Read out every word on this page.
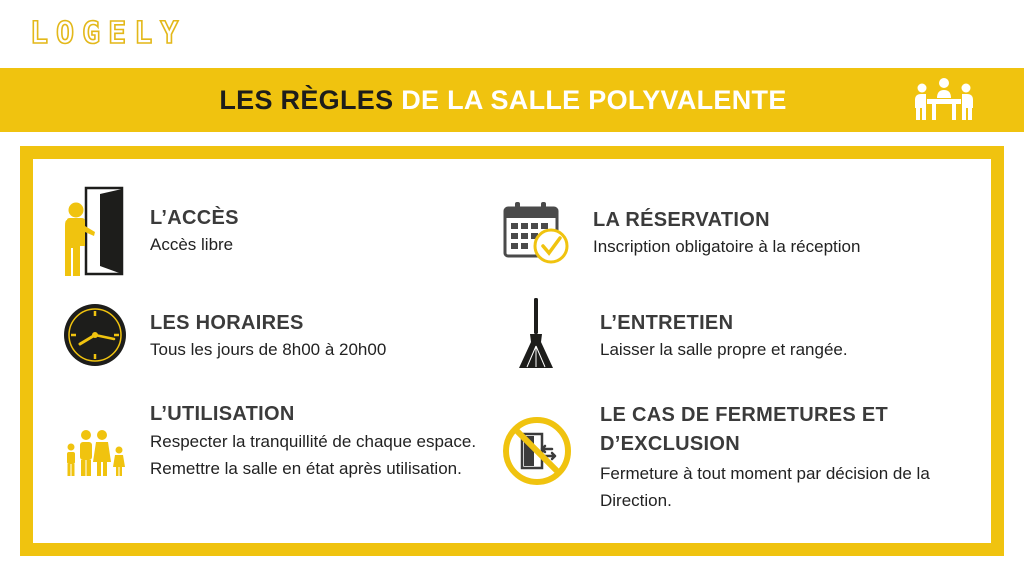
LOGELY
LES RÈGLES DE LA SALLE POLYVALENTE
L’ACCÈS
Accès libre
LA RÉSERVATION
Inscription obligatoire à la réception
LES HORAIRES
Tous les jours de 8h00 à 20h00
L’ENTRETIEN
Laisser la salle propre et rangée.
L’UTILISATION
Respecter la tranquillité de chaque espace. Remettre la salle en état après utilisation.
LE CAS DE FERMETURES ET D’EXCLUSION
Fermeture à tout moment par décision de la Direction.
